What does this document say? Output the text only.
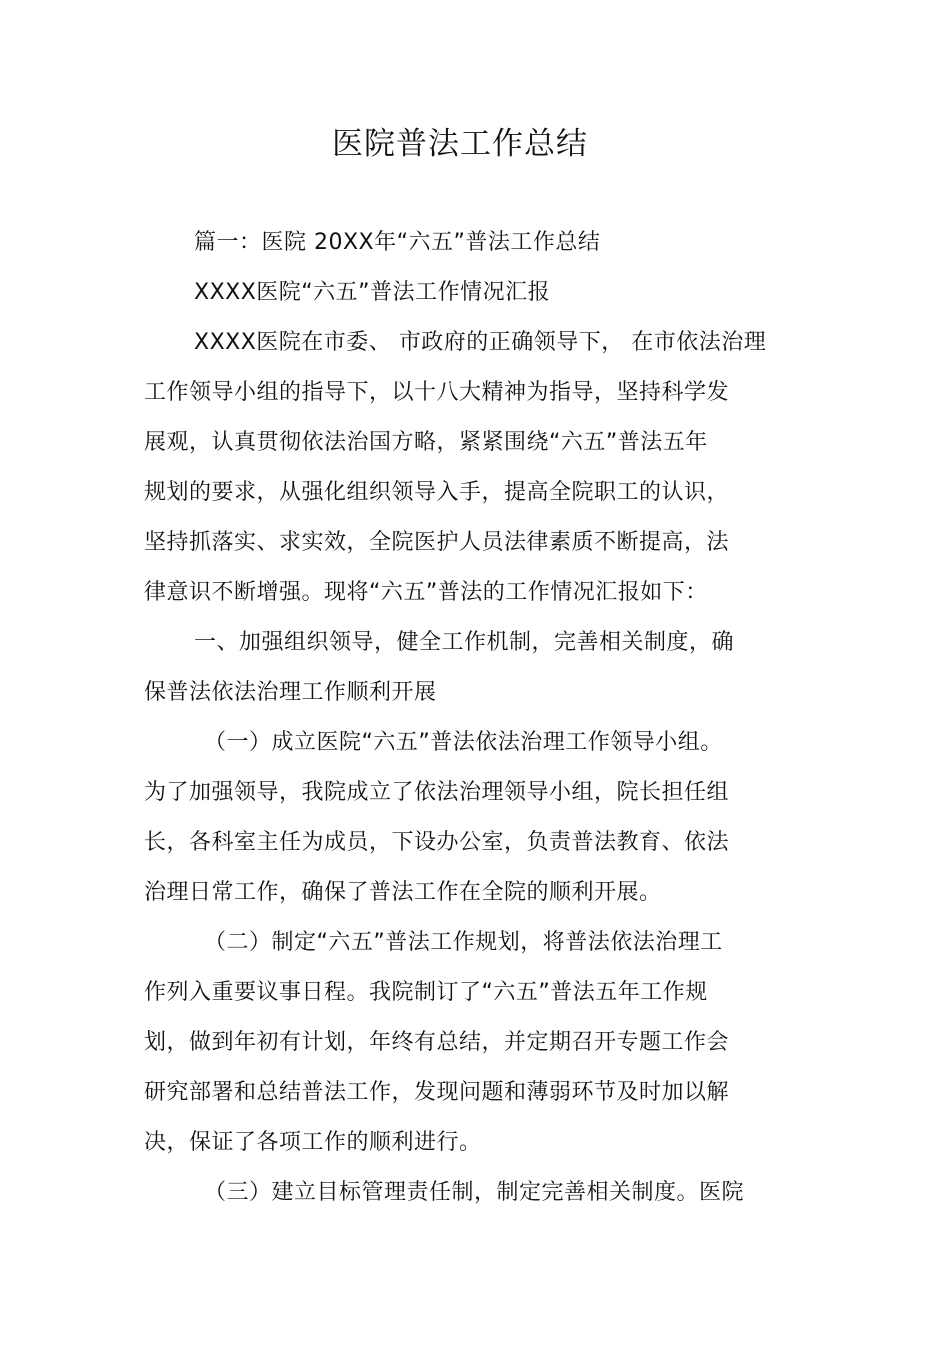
医院普法工作总结
篇一：医院 20XX年“六五”普法工作总结
XXXX医院“六五”普法工作情况汇报
XXXX医院在市委、 市政府的正确领导下， 在市依法治理
工作领导小组的指导下，以十八大精神为指导，坚持科学发
展观，认真贯彻依法治国方略，紧紧围绕“六五”普法五年
规划的要求，从强化组织领导入手，提高全院职工的认识，
坚持抓落实、求实效，全院医护人员法律素质不断提高，法
律意识不断增强。现将“六五”普法的工作情况汇报如下：
一、加强组织领导，健全工作机制，完善相关制度，确
保普法依法治理工作顺利开展
（一）成立医院“六五”普法依法治理工作领导小组。
为了加强领导，我院成立了依法治理领导小组，院长担任组
长，各科室主任为成员，下设办公室，负责普法教育、依法
治理日常工作，确保了普法工作在全院的顺利开展。
（二）制定“六五”普法工作规划，将普法依法治理工
作列入重要议事日程。我院制订了“六五”普法五年工作规
划，做到年初有计划，年终有总结，并定期召开专题工作会
研究部署和总结普法工作，发现问题和薄弱环节及时加以解
决，保证了各项工作的顺利进行。
（三）建立目标管理责任制，制定完善相关制度。医院
